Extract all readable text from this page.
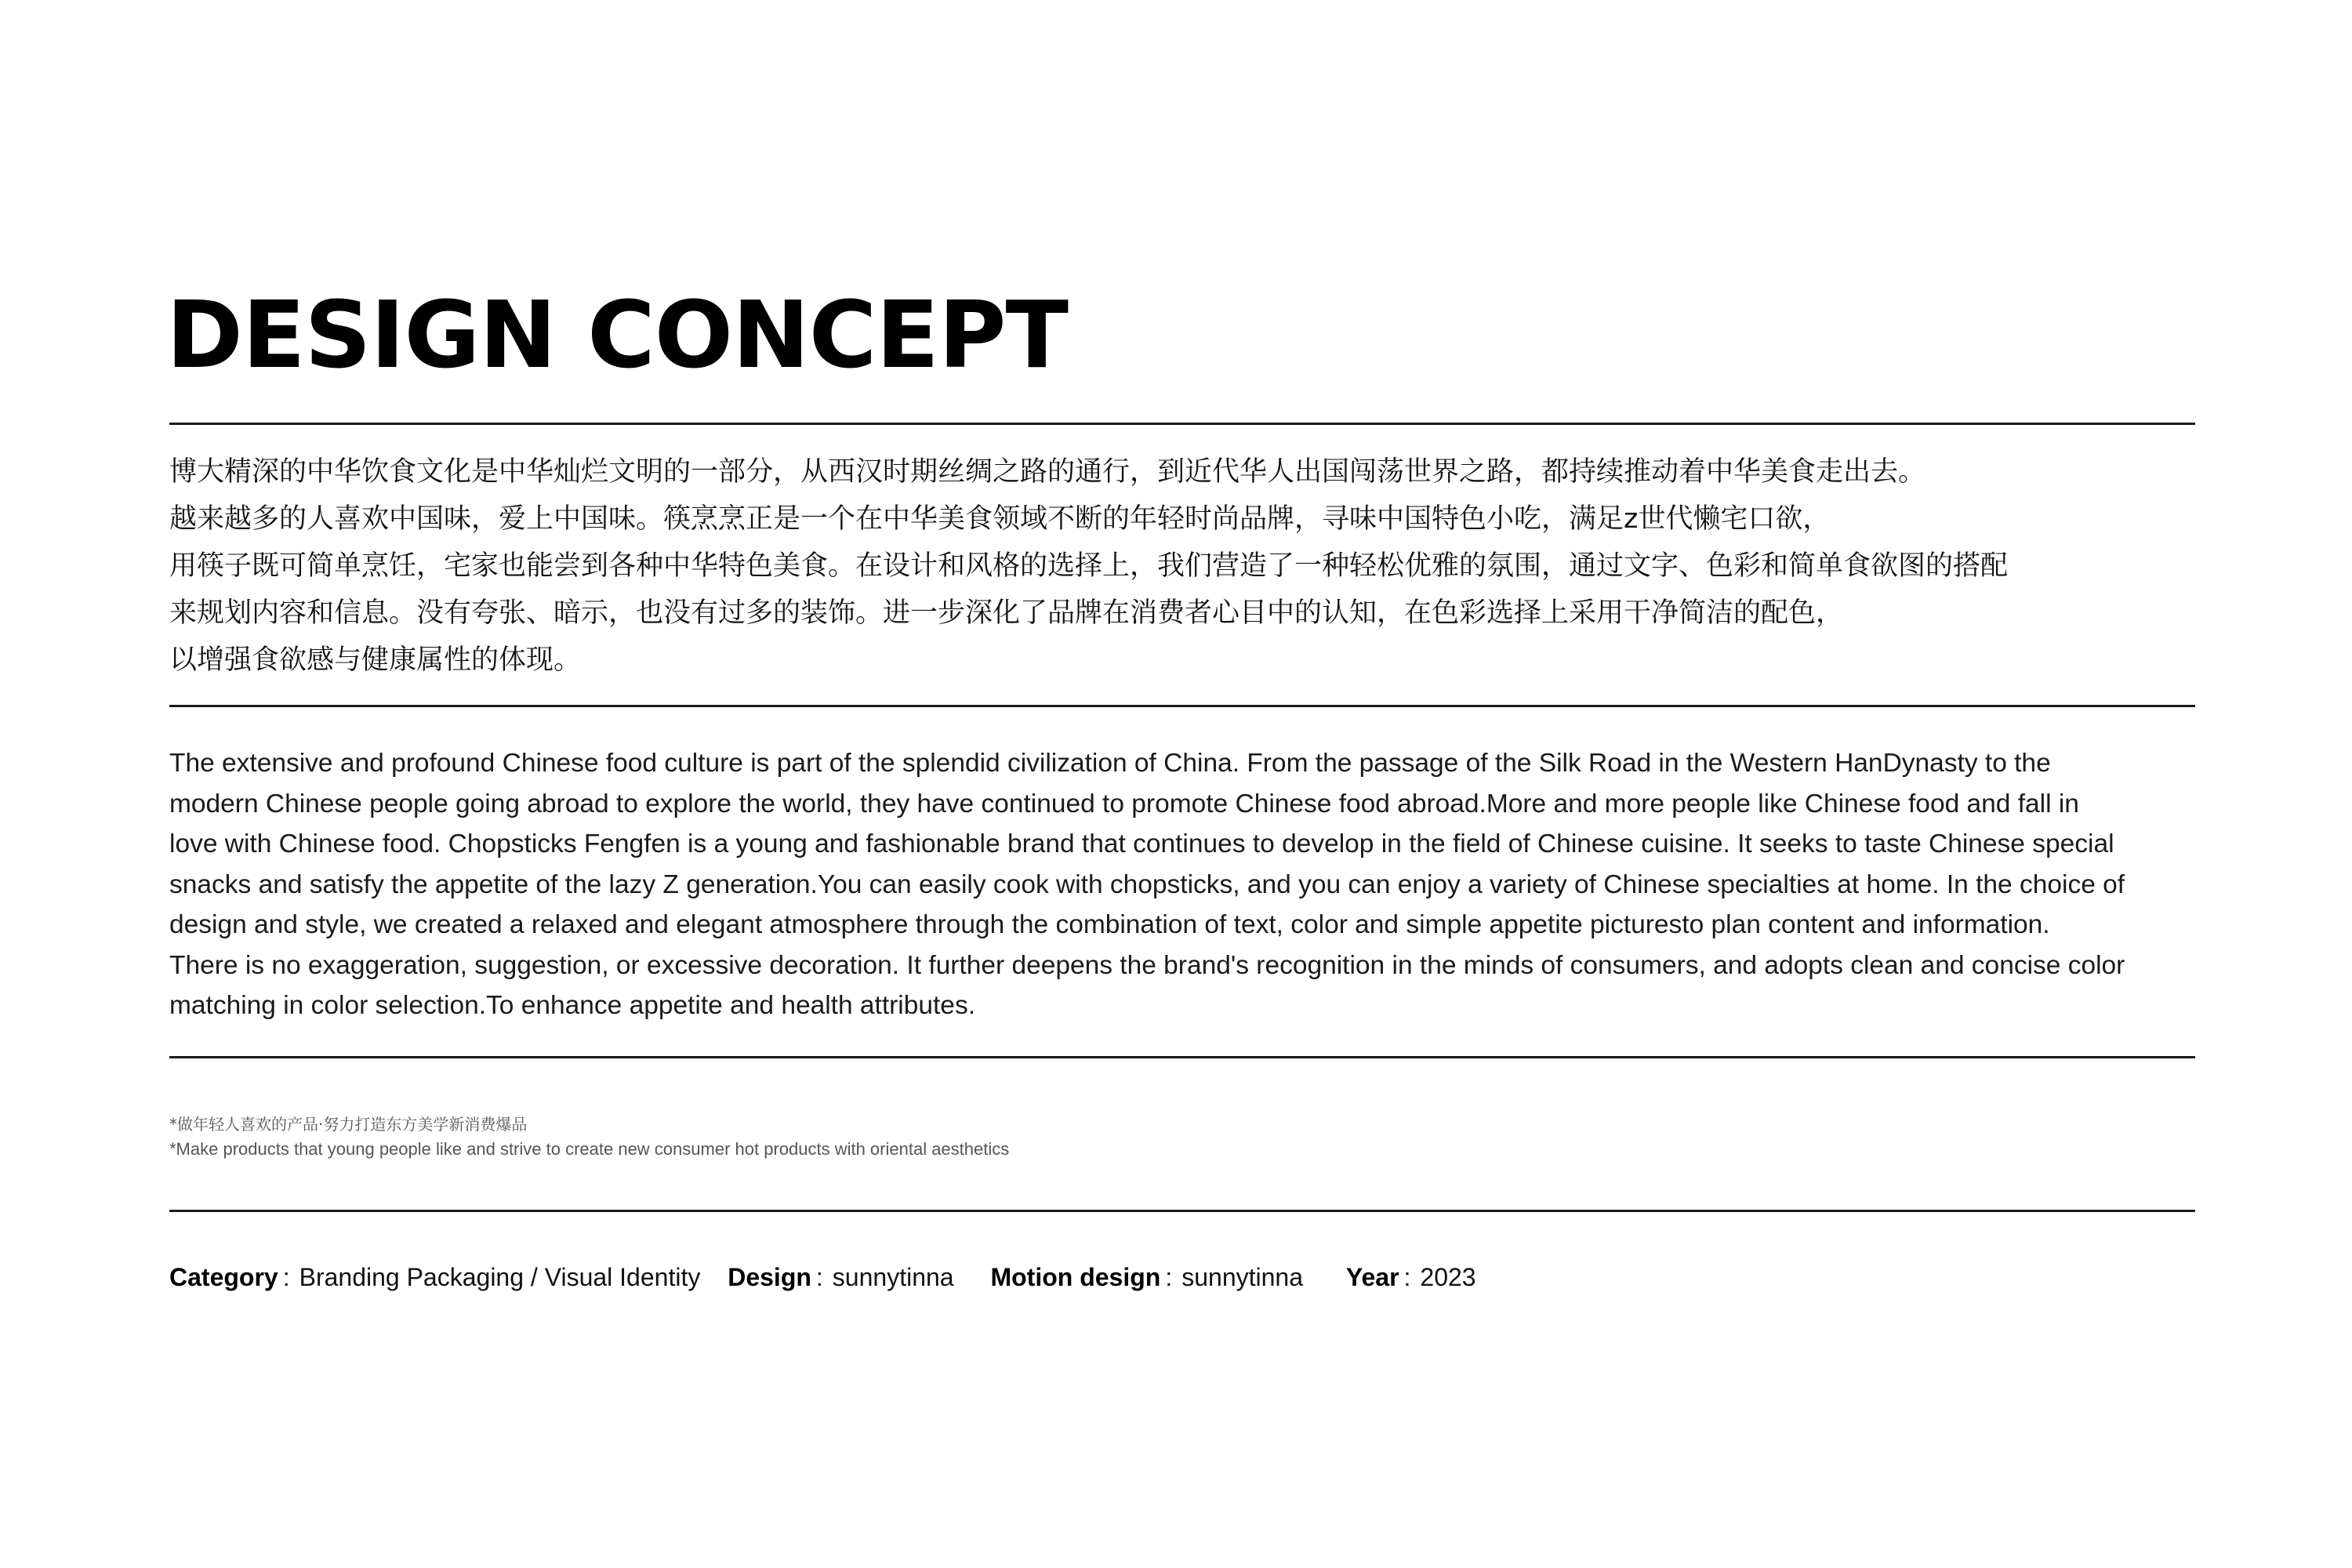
DESIGN CONCEPT
博大精深的中华饮食文化是中华灿烂文明的一部分，从西汉时期丝绸之路的通行，到近代华人出国闯荡世界之路，都持续推动着中华美食走出去。
越来越多的人喜欢中国味，爱上中国味。筷烹烹正是一个在中华美食领域不断的年轻时尚品牌，寻味中国特色小吃，满足z世代懒宅口欲，
用筷子既可简单烹饪，宅家也能尝到各种中华特色美食。在设计和风格的选择上，我们营造了一种轻松优雅的氛围，通过文字、色彩和简单食欲图的搭配
来规划内容和信息。没有夸张、暗示，也没有过多的装饰。进一步深化了品牌在消费者心目中的认知，在色彩选择上采用干净简洁的配色，
以增强食欲感与健康属性的体现。
The extensive and profound Chinese food culture is part of the splendid civilization of China. From the passage of the Silk Road in the Western HanDynasty to the
modern Chinese people going abroad to explore the world, they have continued to promote Chinese food abroad.More and more people like Chinese food and fall in
love with Chinese food. Chopsticks Fengfen is a young and fashionable brand that continues to develop in the field of Chinese cuisine. It seeks to taste Chinese special
snacks and satisfy the appetite of the lazy Z generation.You can easily cook with chopsticks, and you can enjoy a variety of Chinese specialties at home. In the choice of
design and style, we created a relaxed and elegant atmosphere through the combination of text, color and simple appetite picturesto plan content and information.
There is no exaggeration, suggestion, or excessive decoration. It further deepens the brand's recognition in the minds of consumers, and adopts clean and concise color
matching in color selection.To enhance appetite and health attributes.
*做年轻人喜欢的产品·努力打造东方美学新消费爆品
*Make products that young people like and strive to create new consumer hot products with oriental aesthetics
Category : Branding Packaging / Visual Identity Design : sunnytinna Motion design : sunnytinna Year : 2023
